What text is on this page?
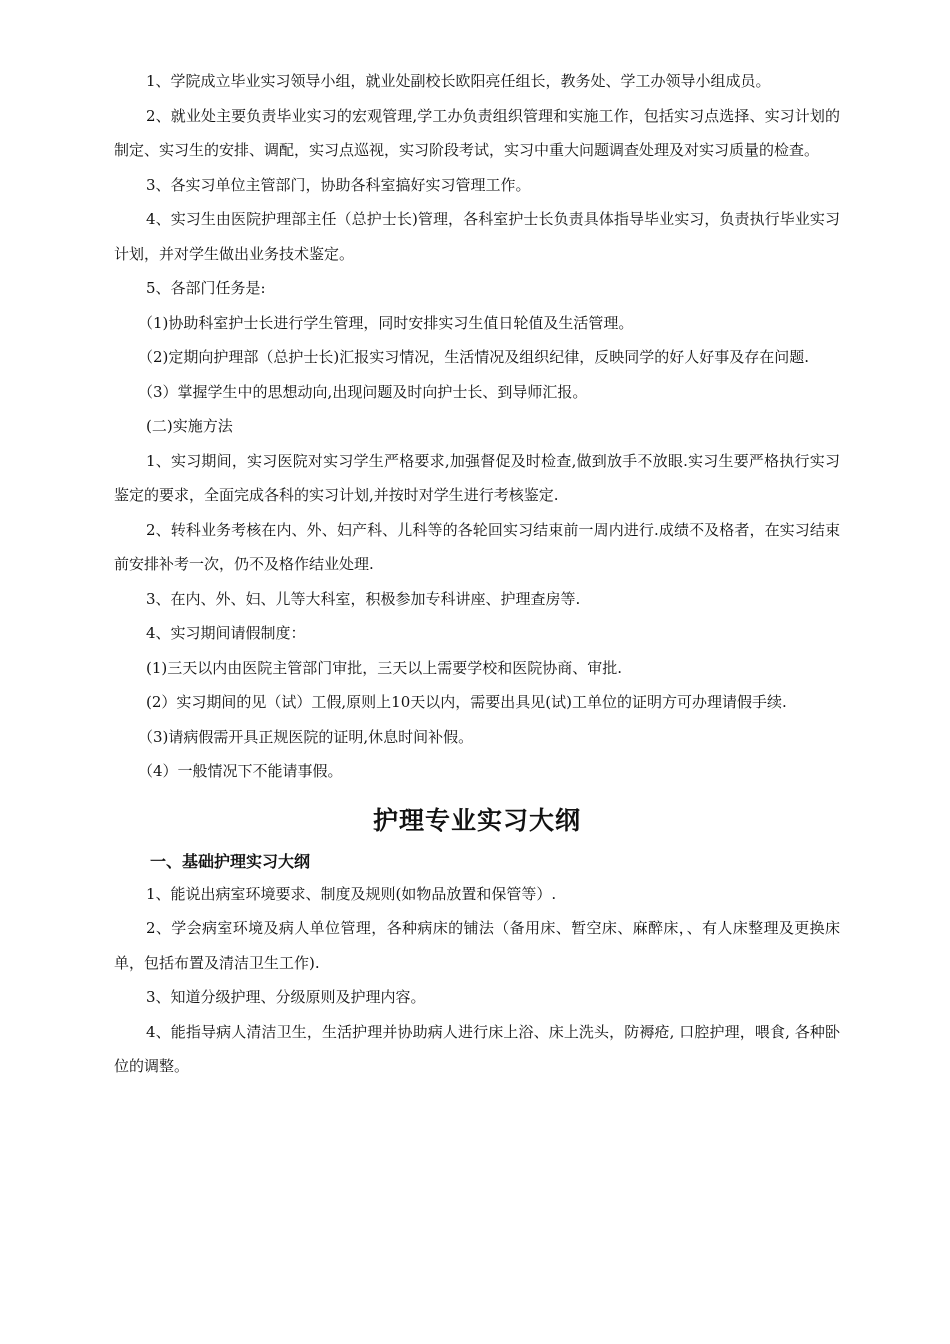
1、学院成立毕业实习领导小组，就业处副校长欧阳亮任组长，教务处、学工办领导小组成员。

2、就业处主要负责毕业实习的宏观管理,学工办负责组织管理和实施工作，包括实习点选择、实习计划的制定、实习生的安排、调配，实习点巡视，实习阶段考试，实习中重大问题调查处理及对实习质量的检查。

3、各实习单位主管部门，协助各科室搞好实习管理工作。

4、实习生由医院护理部主任（总护士长)管理，各科室护士长负责具体指导毕业实习，负责执行毕业实习计划，并对学生做出业务技术鉴定。

5、各部门任务是:

（1)协助科室护士长进行学生管理，同时安排实习生值日轮值及生活管理。

（2)定期向护理部（总护士长)汇报实习情况，生活情况及组织纪律，反映同学的好人好事及存在问题.

（3）掌握学生中的思想动向,出现问题及时向护士长、到导师汇报。

(二)实施方法

1、实习期间，实习医院对实习学生严格要求,加强督促及时检查,做到放手不放眼.实习生要严格执行实习鉴定的要求，全面完成各科的实习计划,并按时对学生进行考核鉴定.

2、转科业务考核在内、外、妇产科、儿科等的各轮回实习结束前一周内进行.成绩不及格者，在实习结束前安排补考一次，仍不及格作结业处理.

3、在内、外、妇、儿等大科室，积极参加专科讲座、护理查房等.

4、实习期间请假制度：

(1)三天以内由医院主管部门审批，三天以上需要学校和医院协商、审批.

(2）实习期间的见（试）工假,原则上10天以内，需要出具见(试)工单位的证明方可办理请假手续.

（3)请病假需开具正规医院的证明,休息时间补假。

（4）一般情况下不能请事假。

护理专业实习大纲
一、基础护理实习大纲

1、能说出病室环境要求、制度及规则(如物品放置和保管等）.

2、学会病室环境及病人单位管理，各种病床的铺法（备用床、暂空床、麻醉床，、有人床整理及更换床单，包括布置及清洁卫生工作).

3、知道分级护理、分级原则及护理内容。

4、能指导病人清洁卫生，生活护理并协助病人进行床上浴、床上洗头，防褥疮, 口腔护理，喂食, 各种卧位的调整。
